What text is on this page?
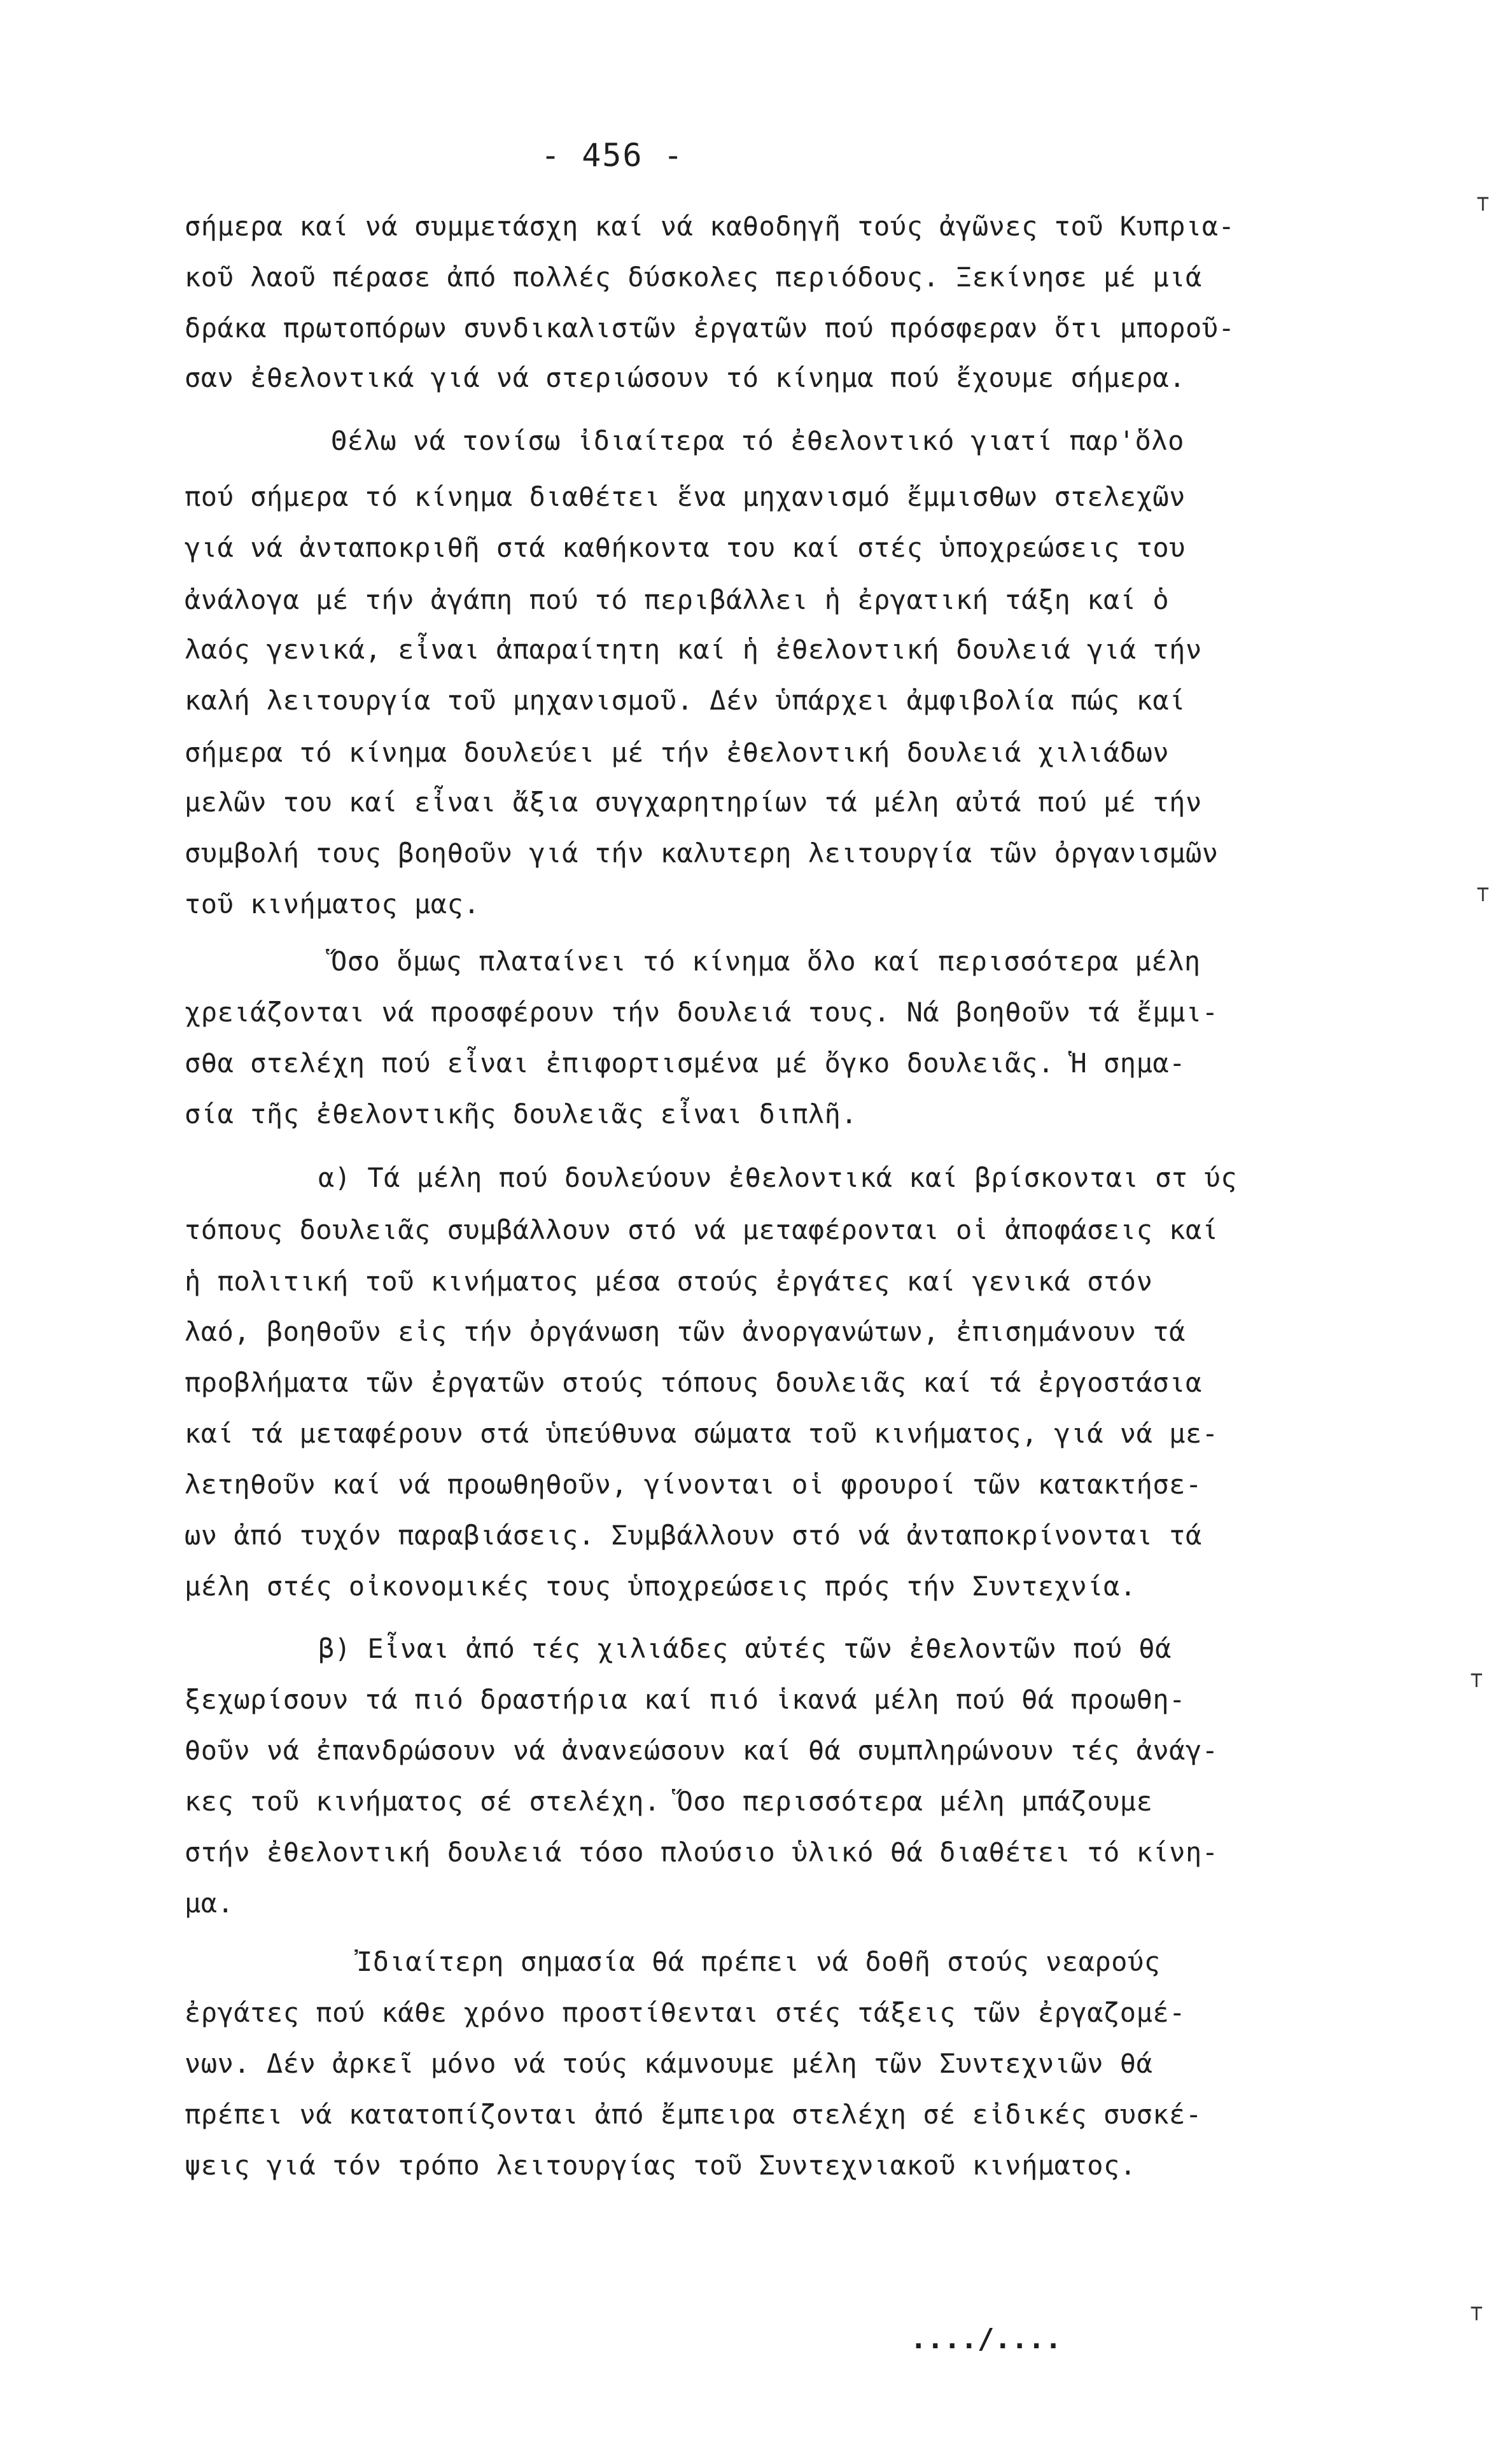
- 456 -
σήμερα καί νά συμμετάσχη καί νά καθοδηγῆ τούς ἀγῶνες τοῦ Κυπρια-
κοῦ λαοῦ πέρασε ἀπό πολλές δύσκολες περιόδους. Ξεκίνησε μέ μιά
δράκα πρωτοπόρων συνδικαλιστῶν ἐργατῶν πού πρόσφεραν ὅτι μποροῦ-
σαν ἐθελοντικά γιά νά στεριώσουν τό κίνημα πού ἔχουμε σήμερα.
Θέλω νά τονίσω ἰδιαίτερα τό ἐθελοντικό γιατί παρ'ὅλο
πού σήμερα τό κίνημα διαθέτει ἕνα μηχανισμό ἔμμισθων στελεχῶν
γιά νά ἀνταποκριθῆ στά καθήκοντα του καί στές ὑποχρεώσεις του
ἀνάλογα μέ τήν ἀγάπη πού τό περιβάλλει ἡ ἐργατική τάξη καί ὁ
λαός γενικά, εἶναι ἀπαραίτητη καί ἡ ἐθελοντική δουλειά γιά τήν
καλή λειτουργία τοῦ μηχανισμοῦ. Δέν ὑπάρχει ἀμφιβολία πώς καί
σήμερα τό κίνημα δουλεύει μέ τήν ἐθελοντική δουλειά χιλιάδων
μελῶν του καί εἶναι ἄξια συγχαρητηρίων τά μέλη αὐτά πού μέ τήν
συμβολή τους βοηθοῦν γιά τήν καλυτερη λειτουργία τῶν ὀργανισμῶν
τοῦ κινήματος μας.
Ὅσο ὅμως πλαταίνει τό κίνημα ὅλο καί περισσότερα μέλη
χρειάζονται νά προσφέρουν τήν δουλειά τους. Νά βοηθοῦν τά ἔμμι-
σθα στελέχη πού εἶναι ἐπιφορτισμένα μέ ὄγκο δουλειᾶς. Ἡ σημα-
σία τῆς ἐθελοντικῆς δουλειᾶς εἶναι διπλῆ.
α) Τά μέλη πού δουλεύουν ἐθελοντικά καί βρίσκονται στ ύς
τόπους δουλειᾶς συμβάλλουν στό νά μεταφέρονται οἱ ἀποφάσεις καί
ἡ πολιτική τοῦ κινήματος μέσα στούς ἐργάτες καί γενικά στόν
λαό, βοηθοῦν εἰς τήν ὀργάνωση τῶν ἀνοργανώτων, ἐπισημάνουν τά
προβλήματα τῶν ἐργατῶν στούς τόπους δουλειᾶς καί τά ἐργοστάσια
καί τά μεταφέρουν στά ὑπεύθυνα σώματα τοῦ κινήματος, γιά νά με-
λετηθοῦν καί νά προωθηθοῦν, γίνονται οἱ φρουροί τῶν κατακτήσε-
ων ἀπό τυχόν παραβιάσεις. Συμβάλλουν στό νά ἀνταποκρίνονται τά
μέλη στές οἰκονομικές τους ὑποχρεώσεις πρός τήν Συντεχνία.
β) Εἶναι ἀπό τές χιλιάδες αὐτές τῶν ἐθελοντῶν πού θά
ξεχωρίσουν τά πιό δραστήρια καί πιό ἱκανά μέλη πού θά προωθη-
θοῦν νά ἐπανδρώσουν νά ἀνανεώσουν καί θά συμπληρώνουν τές ἀνάγ-
κες τοῦ κινήματος σέ στελέχη. Ὅσο περισσότερα μέλη μπάζουμε
στήν ἐθελοντική δουλειά τόσο πλούσιο ὑλικό θά διαθέτει τό κίνη-
μα.
Ἰδιαίτερη σημασία θά πρέπει νά δοθῆ στούς νεαρούς
ἐργάτες πού κάθε χρόνο προστίθενται στές τάξεις τῶν ἐργαζομέ-
νων. Δέν ἀρκεῖ μόνο νά τούς κάμνουμε μέλη τῶν Συντεχνιῶν θά
πρέπει νά κατατοπίζονται ἀπό ἔμπειρα στελέχη σέ εἰδικές συσκέ-
ψεις γιά τόν τρόπο λειτουργίας τοῦ Συντεχνιακοῦ κινήματος.
..../....
⊤
⊤
⊤
⊤
